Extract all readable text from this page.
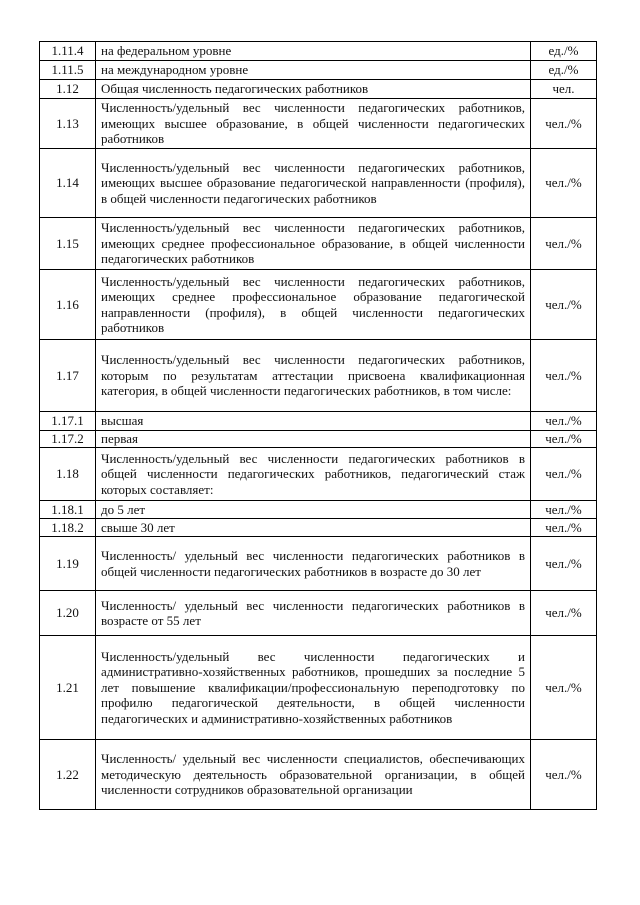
1.11.4	на федеральном уровне	ед./%
1.11.5	на международном уровне	ед./%
1.12	Общая численность педагогических работников	чел.
1.13	Численность/удельный вес численности педагогических работников, имеющих высшее образование, в общей численности педагогических работников	чел./%
1.14	Численность/удельный вес численности педагогических работников, имеющих высшее образование педагогической направленности (профиля), в общей численности педагогических работников	чел./%
1.15	Численность/удельный вес численности педагогических работников, имеющих среднее профессиональное образование, в общей численности педагогических работников	чел./%
1.16	Численность/удельный вес численности педагогических работников, имеющих среднее профессиональное образование педагогической направленности (профиля), в общей численности педагогических работников	чел./%
1.17	Численность/удельный вес численности педагогических работников, которым по результатам аттестации присвоена квалификационная категория, в общей численности педагогических работников, в том числе:	чел./%
1.17.1	высшая	чел./%
1.17.2	первая	чел./%
1.18	Численность/удельный вес численности педагогических работников в общей численности педагогических работников, педагогический стаж которых составляет:	чел./%
1.18.1	до 5 лет	чел./%
1.18.2	свыше 30 лет	чел./%
1.19	Численность/ удельный вес численности педагогических работников в общей численности педагогических работников в возрасте до 30 лет	чел./%
1.20	Численность/ удельный вес численности педагогических работников в возрасте от 55 лет	чел./%
1.21	Численность/удельный вес численности педагогических и административно-хозяйственных работников, прошедших за последние 5 лет повышение квалификации/профессиональную переподготовку по профилю педагогической деятельности, в общей численности педагогических и административно-хозяйственных работников	чел./%
1.22	Численность/ удельный вес численности специалистов, обеспечивающих методическую деятельность образовательной организации, в общей численности сотрудников образовательной организации	чел./%
